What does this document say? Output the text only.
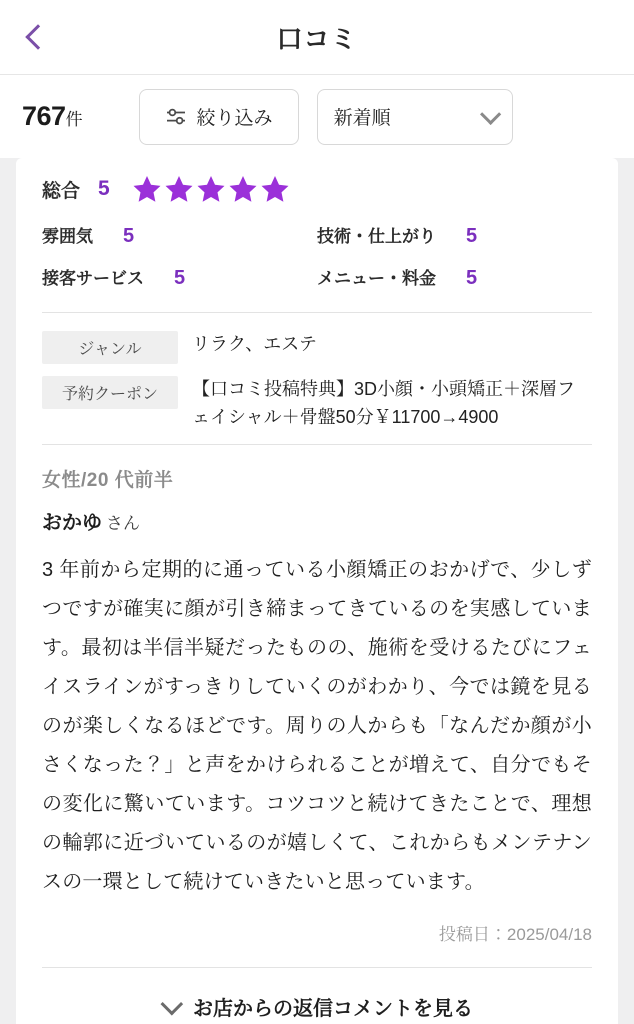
口コミ
767件	絞り込み	新着順
総合 5
雰囲気 5	技術・仕上がり 5
接客サービス 5	メニュー・料金 5
ジャンル	リラク、エステ
予約クーポン	【口コミ投稿特典】3D小顔・小頭矯正＋深層フェイシャル＋骨盤50分￥11700→4900
女性/20 代前半
おかゆ さん
3 年前から定期的に通っている小顔矯正のおかげで、少しずつですが確実に顔が引き締まってきているのを実感しています。最初は半信半疑だったものの、施術を受けるたびにフェイスラインがすっきりしていくのがわかり、今では鏡を見るのが楽しくなるほどです。周りの人からも「なんだか顔が小さくなった？」と声をかけられることが増えて、自分でもその変化に驚いています。コツコツと続けてきたことで、理想の輪郭に近づいているのが嬉しくて、これからもメンテナンスの一環として続けていきたいと思っています。
投稿日：2025/04/18
お店からの返信コメントを見る
